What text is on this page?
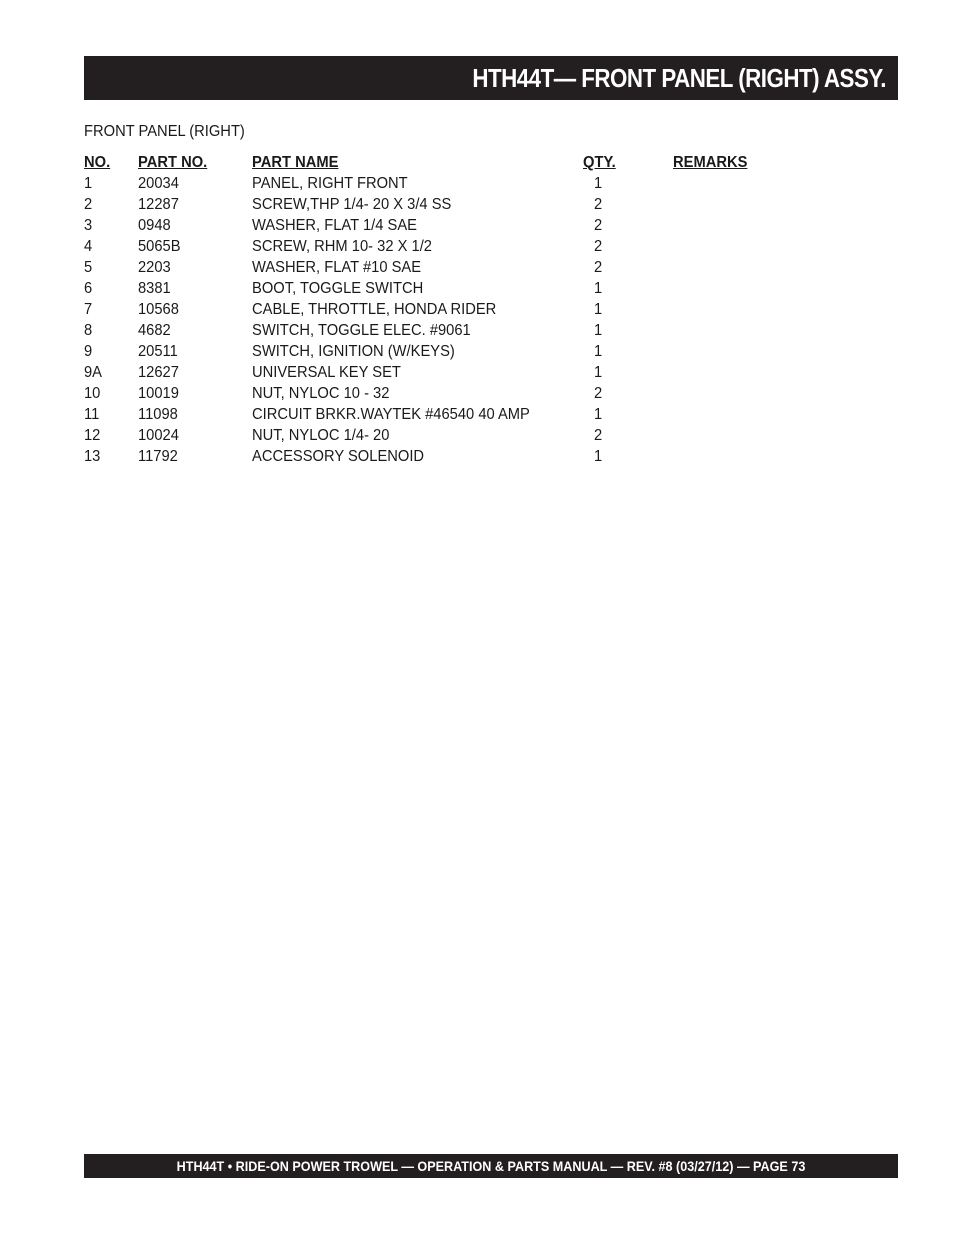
HTH44T— FRONT PANEL (RIGHT) ASSY.
FRONT PANEL (RIGHT)
NO. PART NO.	PART NAME	QTY.	REMARKS
1	20034	PANEL, RIGHT FRONT	1
2	12287	SCREW,THP 1/4- 20 X 3/4 SS	2
3	0948	WASHER, FLAT 1/4 SAE	2
4	5065B	SCREW, RHM 10- 32 X 1/2	2
5	2203	WASHER, FLAT #10 SAE	2
6	8381	BOOT, TOGGLE SWITCH	1
7	10568	CABLE, THROTTLE, HONDA RIDER	1
8	4682	SWITCH, TOGGLE ELEC. #9061	1
9	20511	SWITCH, IGNITION (W/KEYS)	1
9A 12627	UNIVERSAL KEY SET	1
10 10019	NUT, NYLOC 10 - 32	2
11 11098	CIRCUIT BRKR.WAYTEK #46540 40 AMP	1
12 10024	NUT, NYLOC 1/4- 20	2
13 11792	ACCESSORY SOLENOID	1
HTH44T • RIDE-ON POWER TROWEL — OPERATION & PARTS MANUAL — REV. #8 (03/27/12) — PAGE 73
